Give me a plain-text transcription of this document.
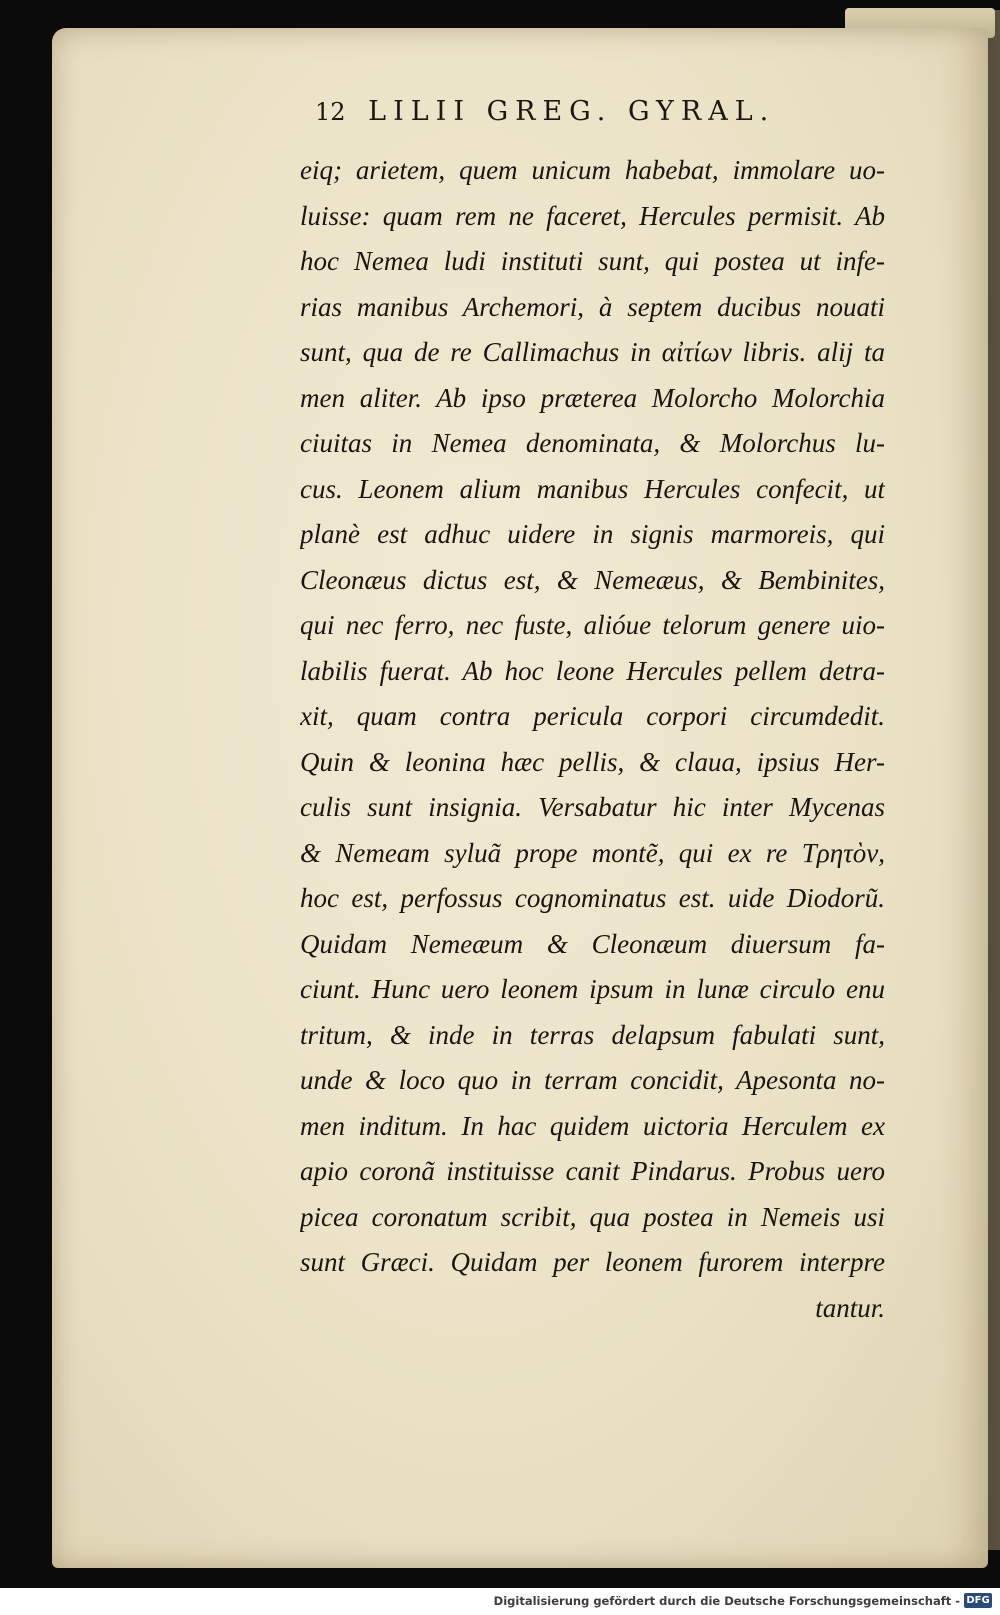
12 LILII GREG. GYRAL.
eiq; arietem, quem unicum habebat, immolare uo-
luisse: quam rem ne faceret, Hercules permisit. Ab
hoc Nemea ludi instituti sunt, qui postea ut infe-
rias manibus Archemori, à septem ducibus nouati
sunt, qua de re Callimachus in αἰτίων libris. alij ta
men aliter. Ab ipso præterea Molorcho Molorchia
ciuitas in Nemea denominata, & Molorchus lu-
cus. Leonem alium manibus Hercules confecit, ut
planè est adhuc uidere in signis marmoreis, qui
Cleonæus dictus est, & Nemeæus, & Bembinites,
qui nec ferro, nec fuste, alióue telorum genere uio-
labilis fuerat. Ab hoc leone Hercules pellem detra-
xit, quam contra pericula corpori circumdedit.
Quin & leonina hæc pellis, & claua, ipsius Her-
culis sunt insignia. Versabatur hic inter Mycenas
& Nemeam syluã prope montẽ, qui ex re Τρητὸν,
hoc est, perfossus cognominatus est. uide Diodorũ.
Quidam Nemeæum & Cleonæum diuersum fa-
ciunt. Hunc uero leonem ipsum in lunæ circulo enu
tritum, & inde in terras delapsum fabulati sunt,
unde & loco quo in terram concidit, Apesonta no-
men inditum. In hac quidem uictoria Herculem ex
apio coronã instituisse canit Pindarus. Probus uero
picea coronatum scribit, qua postea in Nemeis usi
sunt Græci. Quidam per leonem furorem interpre
tantur.
Digitalisierung gefördert durch die Deutsche Forschungsgemeinschaft - DFG
